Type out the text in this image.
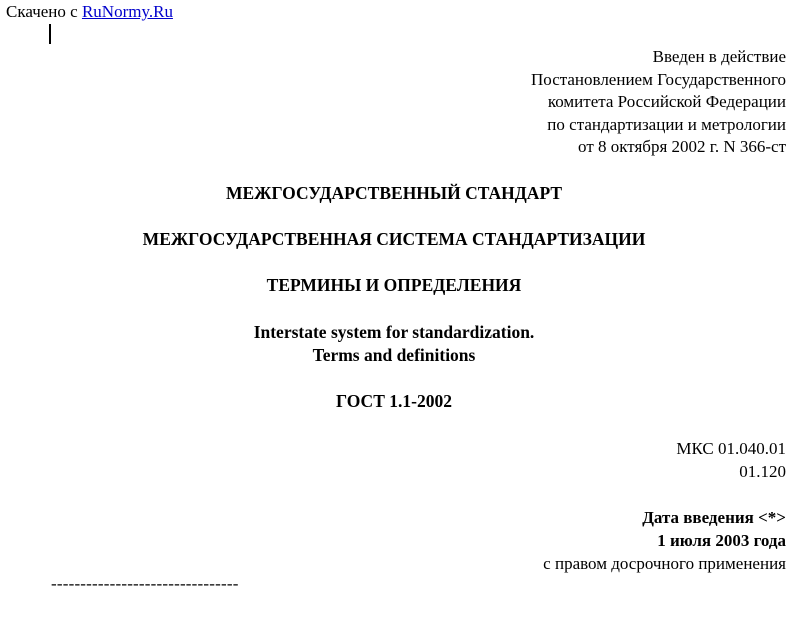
Скачено с RuNormy.Ru
Введен в действие
Постановлением Государственного
комитета Российской Федерации
по стандартизации и метрологии
от 8 октября 2002 г. N 366-ст
МЕЖГОСУДАРСТВЕННЫЙ СТАНДАРТ
МЕЖГОСУДАРСТВЕННАЯ СИСТЕМА СТАНДАРТИЗАЦИИ
ТЕРМИНЫ И ОПРЕДЕЛЕНИЯ
Interstate system for standardization.
Terms and definitions
ГОСТ 1.1-2002
МКС 01.040.01
01.120
Дата введения <*>
1 июля 2003 года
с правом досрочного применения
--------------------------------
